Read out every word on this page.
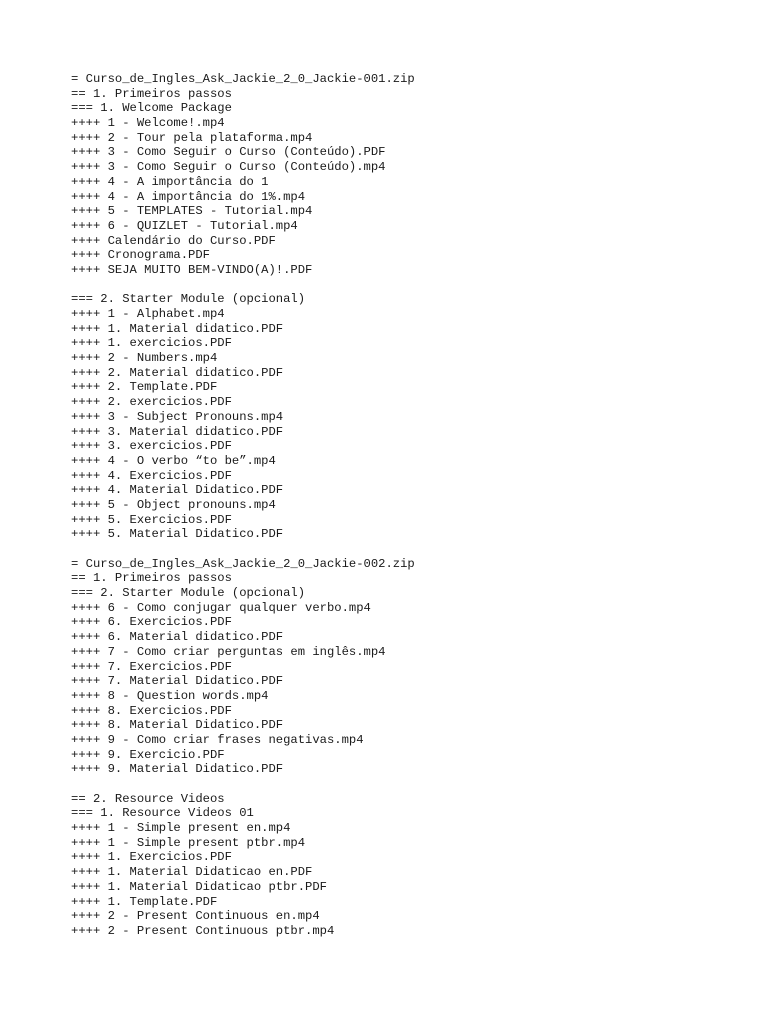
= Curso_de_Ingles_Ask_Jackie_2_0_Jackie-001.zip
== 1. Primeiros passos
=== 1. Welcome Package
++++ 1 - Welcome!.mp4
++++ 2 - Tour pela plataforma.mp4
++++ 3 - Como Seguir o Curso (Conteúdo).PDF
++++ 3 - Como Seguir o Curso (Conteúdo).mp4
++++ 4 - A importância do 1
++++ 4 - A importância do 1%.mp4
++++ 5 - TEMPLATES - Tutorial.mp4
++++ 6 - QUIZLET - Tutorial.mp4
++++ Calendário do Curso.PDF
++++ Cronograma.PDF
++++ SEJA MUITO BEM-VINDO(A)!.PDF
=== 2. Starter Module (opcional)
++++ 1 - Alphabet.mp4
++++ 1. Material didatico.PDF
++++ 1. exercicios.PDF
++++ 2 - Numbers.mp4
++++ 2. Material didatico.PDF
++++ 2. Template.PDF
++++ 2. exercicios.PDF
++++ 3 - Subject Pronouns.mp4
++++ 3. Material didatico.PDF
++++ 3. exercicios.PDF
++++ 4 - O verbo “to be”.mp4
++++ 4. Exercicios.PDF
++++ 4. Material Didatico.PDF
++++ 5 - Object pronouns.mp4
++++ 5. Exercicios.PDF
++++ 5. Material Didatico.PDF
= Curso_de_Ingles_Ask_Jackie_2_0_Jackie-002.zip
== 1. Primeiros passos
=== 2. Starter Module (opcional)
++++ 6 - Como conjugar qualquer verbo.mp4
++++ 6. Exercicios.PDF
++++ 6. Material didatico.PDF
++++ 7 - Como criar perguntas em inglês.mp4
++++ 7. Exercicios.PDF
++++ 7. Material Didatico.PDF
++++ 8 - Question words.mp4
++++ 8. Exercicios.PDF
++++ 8. Material Didatico.PDF
++++ 9 - Como criar frases negativas.mp4
++++ 9. Exercicio.PDF
++++ 9. Material Didatico.PDF
== 2. Resource Videos
=== 1. Resource Videos 01
++++ 1 - Simple present en.mp4
++++ 1 - Simple present ptbr.mp4
++++ 1. Exercicios.PDF
++++ 1. Material Didaticao en.PDF
++++ 1. Material Didaticao ptbr.PDF
++++ 1. Template.PDF
++++ 2 - Present Continuous en.mp4
++++ 2 - Present Continuous ptbr.mp4
